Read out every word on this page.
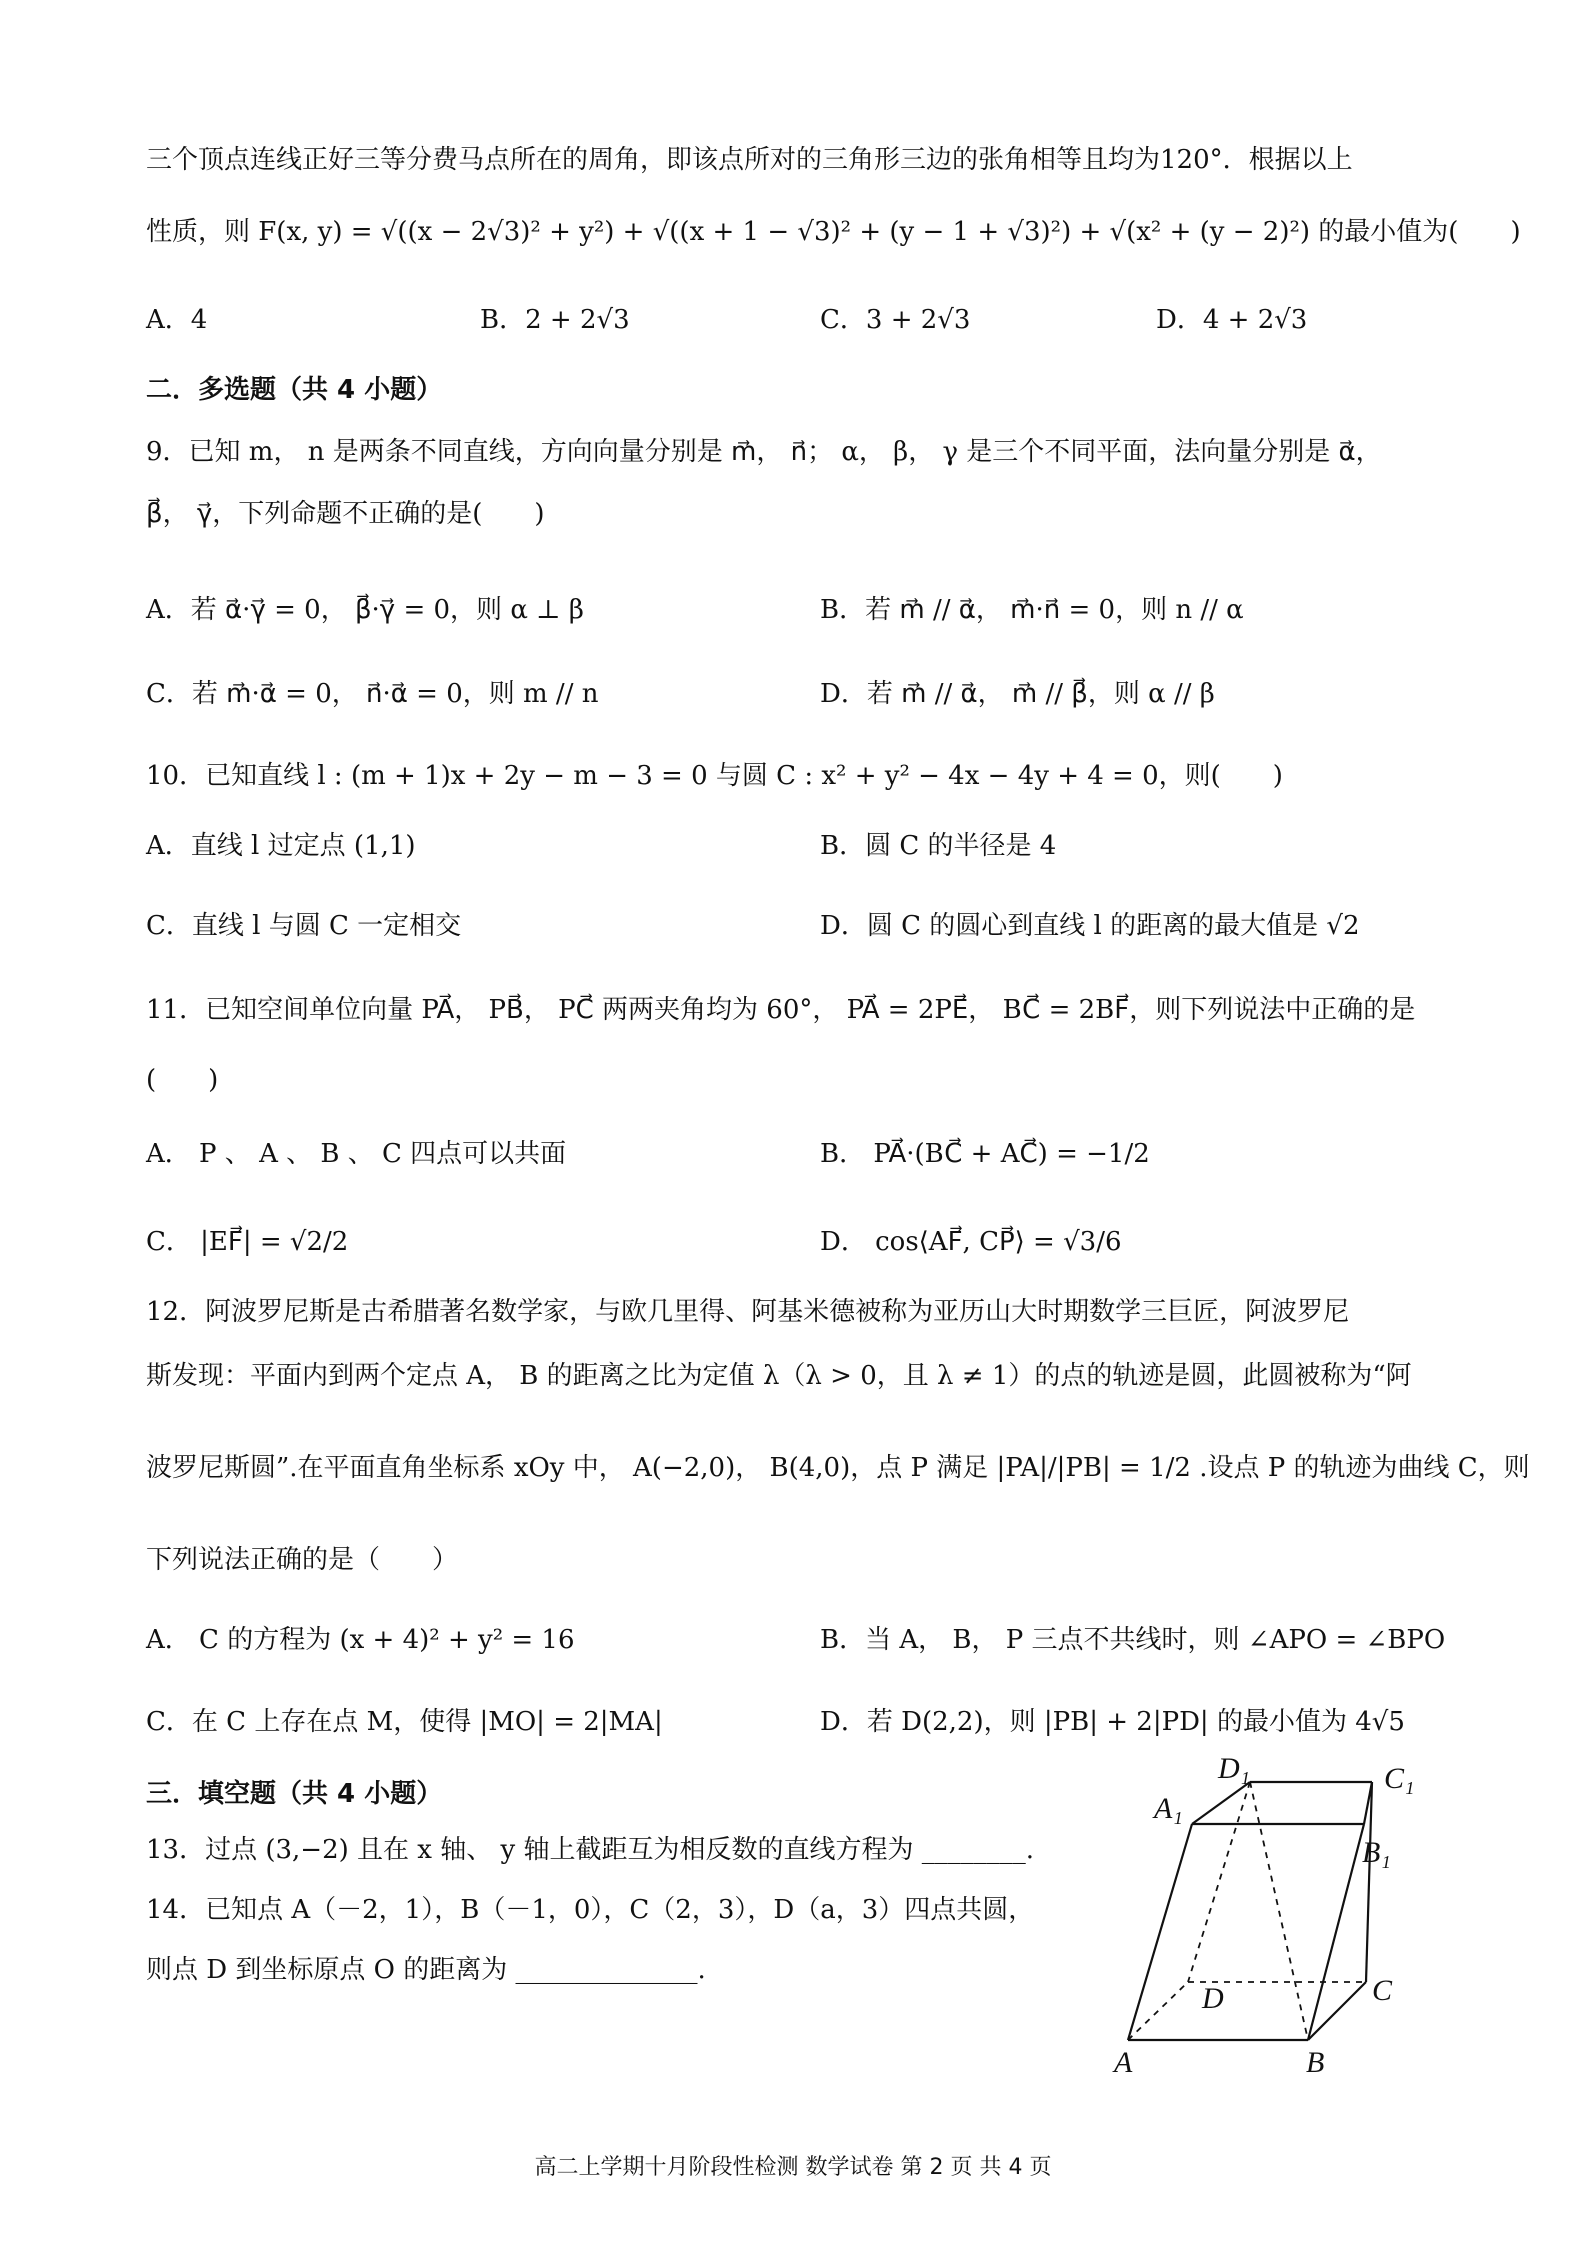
三个顶点连线正好三等分费马点所在的周角，即该点所对的三角形三边的张角相等且均为120°．根据以上
性质，则 F(x, y) = √((x − 2√3)² + y²) + √((x + 1 − √3)² + (y − 1 + √3)²) + √(x² + (y − 2)²) 的最小值为(　　)
A．4	B．2 + 2√3	C．3 + 2√3	D．4 + 2√3
二．多选题（共 4 小题）
9．已知 m， n 是两条不同直线，方向向量分别是 m⃗， n⃗； α， β， γ 是三个不同平面，法向量分别是 α⃗，
β⃗， γ⃗，下列命题不正确的是(　　)
A．若 α⃗·γ⃗ = 0， β⃗·γ⃗ = 0，则 α ⊥ β	B．若 m⃗ // α⃗， m⃗·n⃗ = 0，则 n // α
C．若 m⃗·α⃗ = 0， n⃗·α⃗ = 0，则 m // n	D．若 m⃗ // α⃗， m⃗ // β⃗，则 α // β
10．已知直线 l : (m + 1)x + 2y − m − 3 = 0 与圆 C : x² + y² − 4x − 4y + 4 = 0，则(　　)
A．直线 l 过定点 (1,1)	B．圆 C 的半径是 4
C．直线 l 与圆 C 一定相交	D．圆 C 的圆心到直线 l 的距离的最大值是 √2
11．已知空间单位向量 PA⃗， PB⃗， PC⃗ 两两夹角均为 60°， PA⃗ = 2PE⃗， BC⃗ = 2BF⃗，则下列说法中正确的是
(　　)
A． P 、 A 、 B 、 C 四点可以共面	B． PA⃗·(BC⃗ + AC⃗) = −1/2
C． |EF⃗| = √2/2	D． cos⟨AF⃗, CP⃗⟩ = √3/6
12．阿波罗尼斯是古希腊著名数学家，与欧几里得、阿基米德被称为亚历山大时期数学三巨匠，阿波罗尼
斯发现：平面内到两个定点 A， B 的距离之比为定值 λ（λ > 0，且 λ ≠ 1）的点的轨迹是圆，此圆被称为“阿
波罗尼斯圆”.在平面直角坐标系 xOy 中， A(−2,0)， B(4,0)，点 P 满足 |PA|/|PB| = 1/2 .设点 P 的轨迹为曲线 C，则
下列说法正确的是（　　）
A． C 的方程为 (x + 4)² + y² = 16	B．当 A， B， P 三点不共线时，则 ∠APO = ∠BPO
C．在 C 上存在点 M，使得 |MO| = 2|MA|	D．若 D(2,2)，则 |PB| + 2|PD| 的最小值为 4√5
三．填空题（共 4 小题）
13．过点 (3,−2) 且在 x 轴、 y 轴上截距互为相反数的直线方程为 ________.
14．已知点 A（－2，1），B（－1，0），C（2，3），D（a，3）四点共圆，
则点 D 到坐标原点 O 的距离为 ______________.
D₁	C₁
A₁
B₁
D	C
A	B
高二上学期十月阶段性检测 数学试卷 第 2 页 共 4 页
